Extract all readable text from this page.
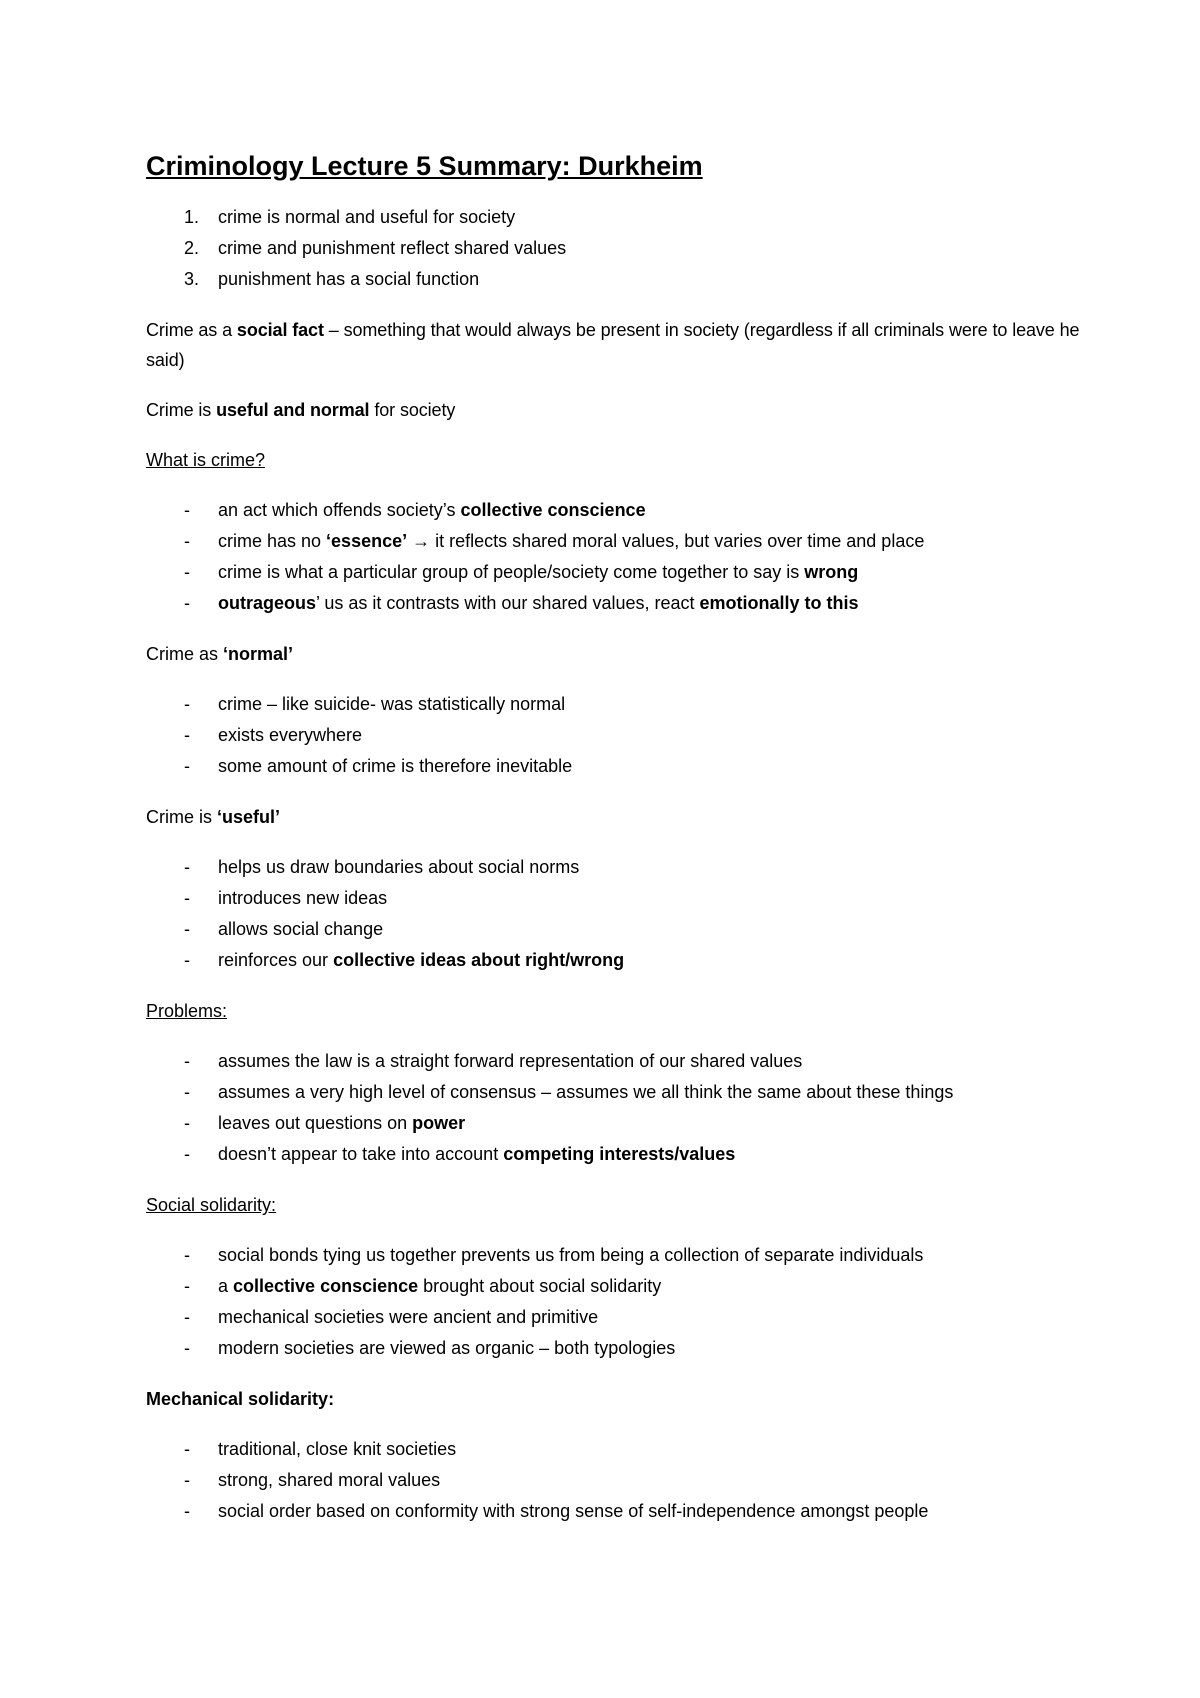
Criminology Lecture 5 Summary: Durkheim
1. crime is normal and useful for society
2. crime and punishment reflect shared values
3. punishment has a social function
Crime as a social fact – something that would always be present in society (regardless if all criminals were to leave he said)
Crime is useful and normal for society
What is crime?
- an act which offends society’s collective conscience
- crime has no ‘essence’ → it reflects shared moral values, but varies over time and place
- crime is what a particular group of people/society come together to say is wrong
- outrageous’ us as it contrasts with our shared values, react emotionally to this
Crime as ‘normal’
- crime – like suicide- was statistically normal
- exists everywhere
- some amount of crime is therefore inevitable
Crime is ‘useful’
- helps us draw boundaries about social norms
- introduces new ideas
- allows social change
- reinforces our collective ideas about right/wrong
Problems:
- assumes the law is a straight forward representation of our shared values
- assumes a very high level of consensus – assumes we all think the same about these things
- leaves out questions on power
- doesn’t appear to take into account competing interests/values
Social solidarity:
- social bonds tying us together prevents us from being a collection of separate individuals
- a collective conscience brought about social solidarity
- mechanical societies were ancient and primitive
- modern societies are viewed as organic – both typologies
Mechanical solidarity:
- traditional, close knit societies
- strong, shared moral values
- social order based on conformity with strong sense of self-independence amongst people
